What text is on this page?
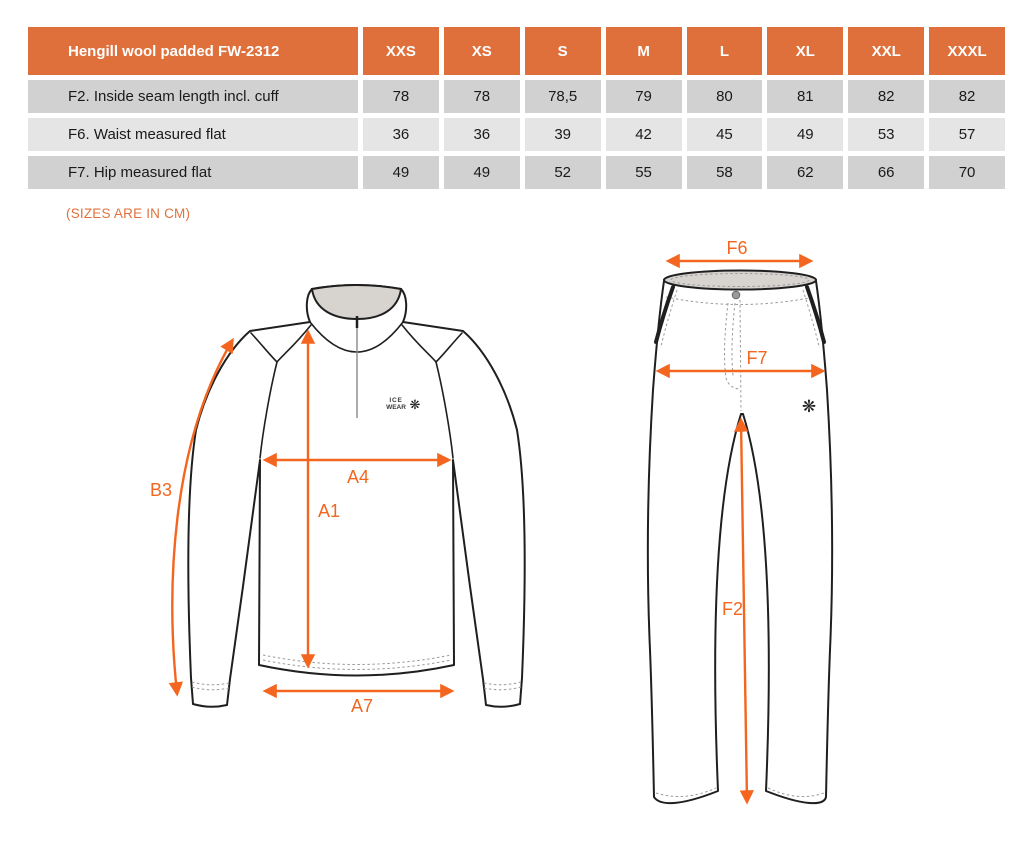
Hengill wool padded FW-2312	XXS	XS	S	M	L	XL	XXL	XXXL
F2. Inside seam length incl. cuff	78	78	78,5	79	80	81	82	82
F6. Waist measured flat	36	36	39	42	45	49	53	57
F7. Hip measured flat	49	49	52	55	58	62	66	70
(SIZES ARE IN CM)
ICE
WEAR ❋
B3
A4
A1
A7
❋
F6
F7
F2
